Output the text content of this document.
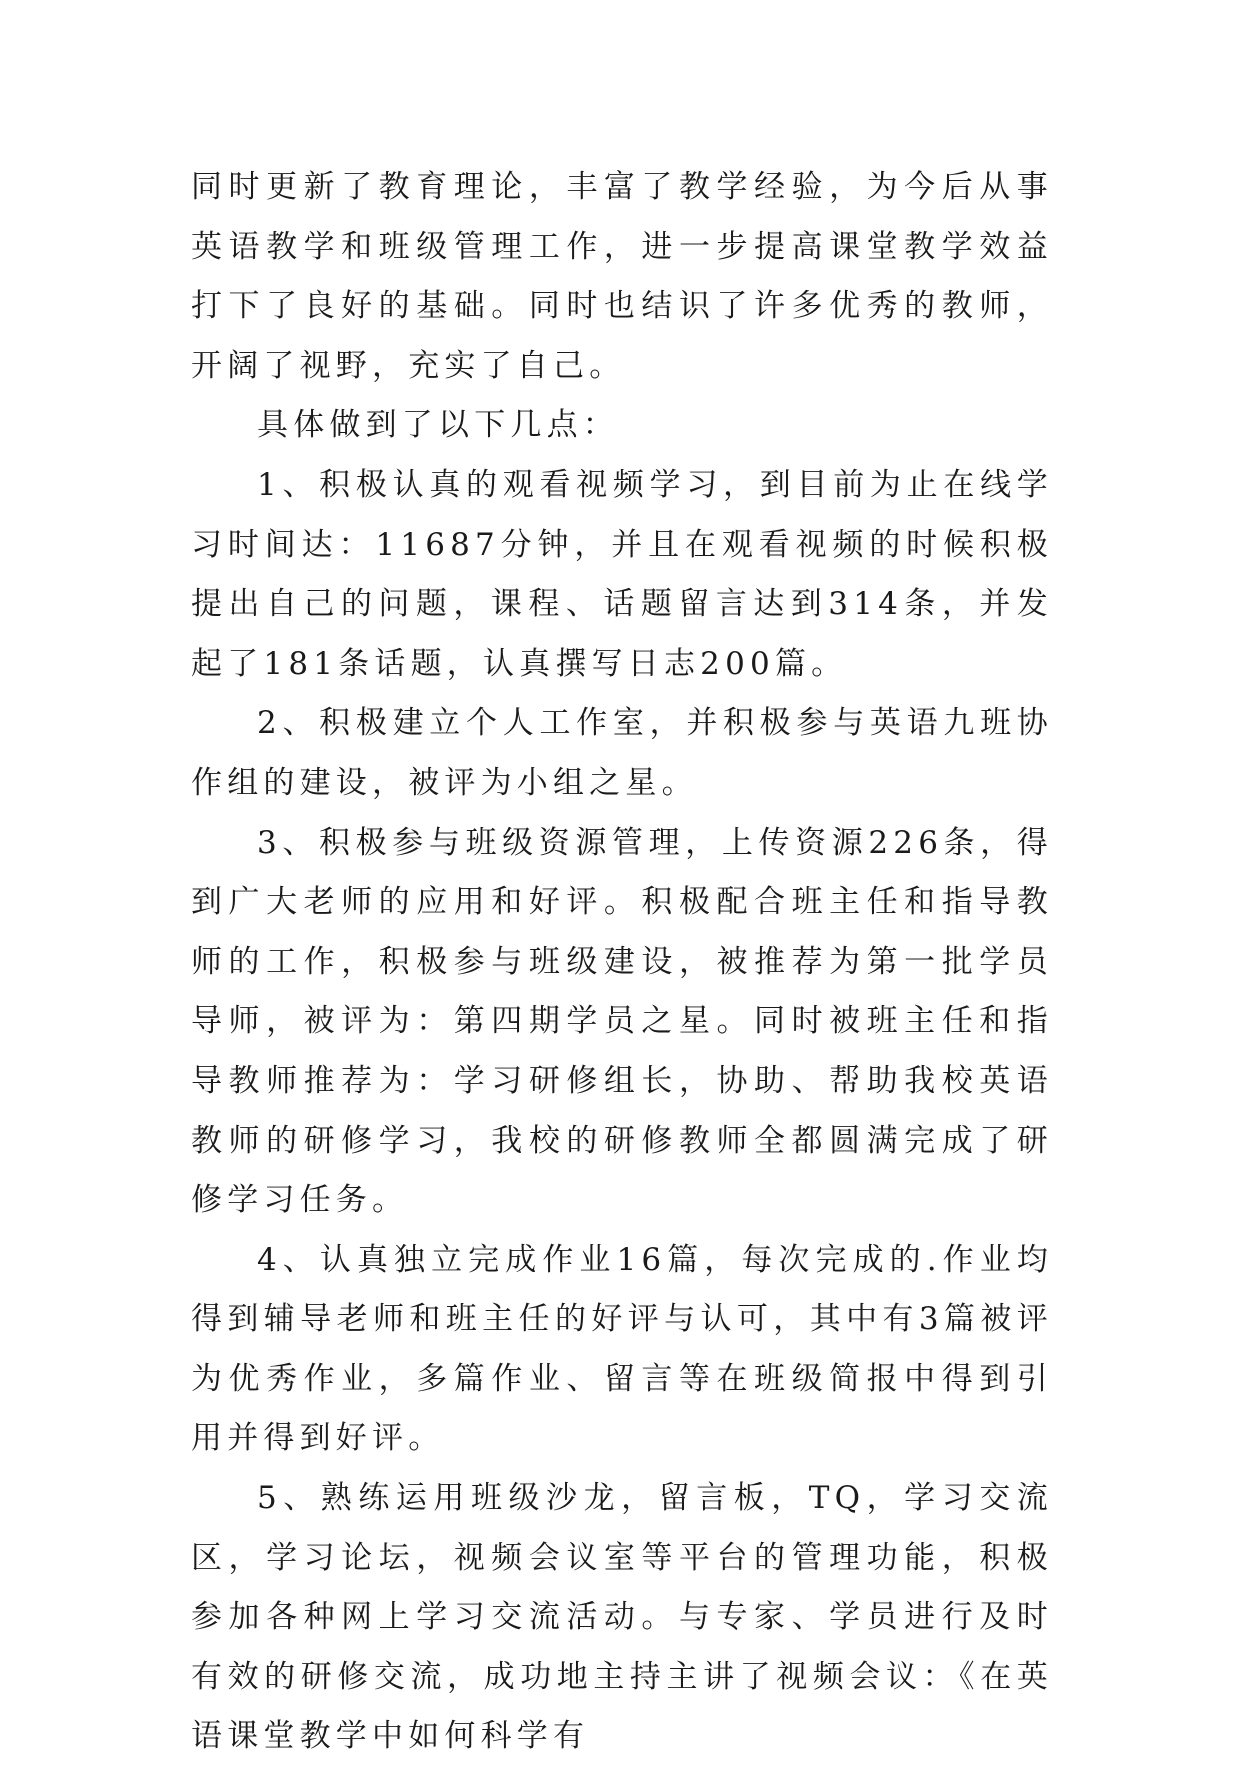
同时更新了教育理论，丰富了教学经验，为今后从事英语教学和班级管理工作，进一步提高课堂教学效益打下了良好的基础。同时也结识了许多优秀的教师，开阔了视野，充实了自己。

具体做到了以下几点：

1、积极认真的观看视频学习，到目前为止在线学习时间达：11687分钟，并且在观看视频的时候积极提出自己的问题，课程、话题留言达到314条，并发起了181条话题，认真撰写日志200篇。

2、积极建立个人工作室，并积极参与英语九班协作组的建设，被评为小组之星。

3、积极参与班级资源管理，上传资源226条，得到广大老师的应用和好评。积极配合班主任和指导教师的工作，积极参与班级建设，被推荐为第一批学员导师，被评为：第四期学员之星。同时被班主任和指导教师推荐为：学习研修组长，协助、帮助我校英语教师的研修学习，我校的研修教师全都圆满完成了研修学习任务。

4、认真独立完成作业16篇，每次完成的.作业均得到辅导老师和班主任的好评与认可，其中有3篇被评为优秀作业，多篇作业、留言等在班级简报中得到引用并得到好评。

5、熟练运用班级沙龙，留言板，TQ，学习交流区，学习论坛，视频会议室等平台的管理功能，积极参加各种网上学习交流活动。与专家、学员进行及时有效的研修交流，成功地主持主讲了视频会议：《在英语课堂教学中如何科学有
